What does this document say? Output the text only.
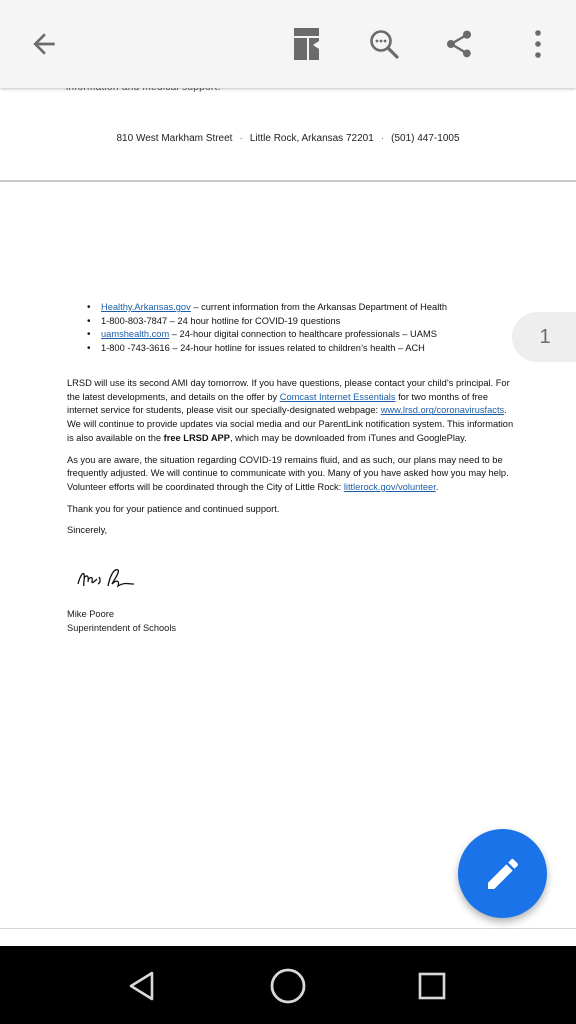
810 West Markham Street · Little Rock, Arkansas 72201 · (501) 447-1005
• Healthy.Arkansas.gov – current information from the Arkansas Department of Health
• 1-800-803-7847 – 24 hour hotline for COVID-19 questions
• uamshealth.com – 24-hour digital connection to healthcare professionals – UAMS
• 1-800 -743-3616 – 24-hour hotline for issues related to children’s health – ACH

LRSD will use its second AMI day tomorrow. If you have questions, please contact your child’s principal. For the latest developments, and details on the offer by Comcast Internet Essentials for two months of free internet service for students, please visit our specially-designated webpage: www.lrsd.org/coronavirusfacts. We will continue to provide updates via social media and our ParentLink notification system. This information is also available on the free LRSD APP, which may be downloaded from iTunes and GooglePlay.

As you are aware, the situation regarding COVID-19 remains fluid, and as such, our plans may need to be frequently adjusted. We will continue to communicate with you. Many of you have asked how you may help. Volunteer efforts will be coordinated through the City of Little Rock: littlerock.gov/volunteer.

Thank you for your patience and continued support.

Sincerely,

Mike Poore
Superintendent of Schools
1
